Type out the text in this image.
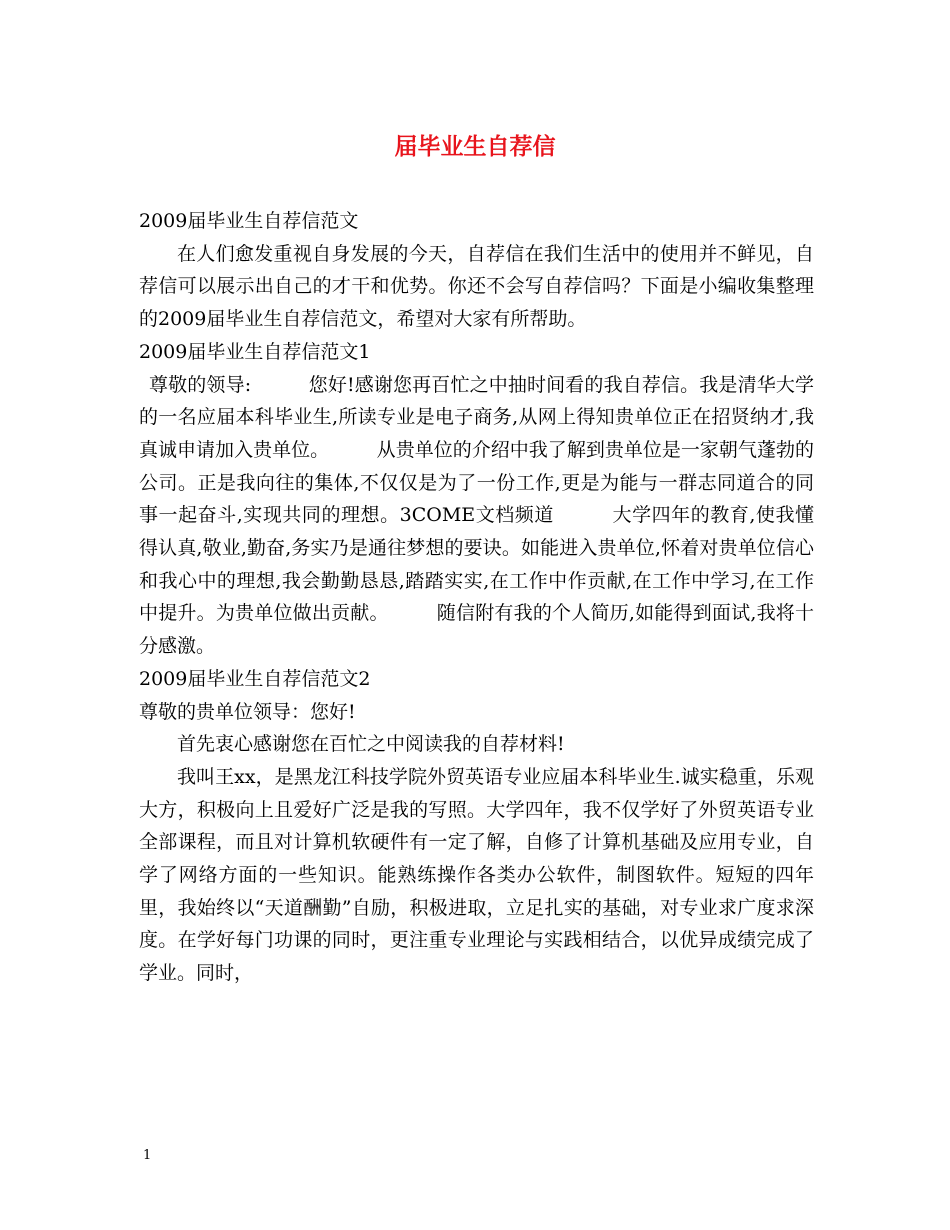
届毕业生自荐信

2009届毕业生自荐信范文

在人们愈发重视自身发展的今天，自荐信在我们生活中的使用并不鲜见，自荐信可以展示出自己的才干和优势。你还不会写自荐信吗？下面是小编收集整理的2009届毕业生自荐信范文，希望对大家有所帮助。

2009届毕业生自荐信范文1

尊敬的领导:　　　您好!感谢您再百忙之中抽时间看的我自荐信。我是清华大学的一名应届本科毕业生,所读专业是电子商务,从网上得知贵单位正在招贤纳才,我真诚申请加入贵单位。　　　从贵单位的介绍中我了解到贵单位是一家朝气蓬勃的公司。正是我向往的集体,不仅仅是为了一份工作,更是为能与一群志同道合的同事一起奋斗,实现共同的理想。3COME文档频道　　　大学四年的教育,使我懂得认真,敬业,勤奋,务实乃是通往梦想的要诀。如能进入贵单位,怀着对贵单位信心和我心中的理想,我会勤勤恳恳,踏踏实实,在工作中作贡献,在工作中学习,在工作中提升。为贵单位做出贡献。　　　随信附有我的个人简历,如能得到面试,我将十分感激。

2009届毕业生自荐信范文2

尊敬的贵单位领导：您好!

首先衷心感谢您在百忙之中阅读我的自荐材料!

我叫王xx，是黑龙江科技学院外贸英语专业应届本科毕业生.诚实稳重，乐观大方，积极向上且爱好广泛是我的写照。大学四年，我不仅学好了外贸英语专业全部课程，而且对计算机软硬件有一定了解，自修了计算机基础及应用专业，自学了网络方面的一些知识。能熟练操作各类办公软件，制图软件。短短的四年里，我始终以“天道酬勤”自励，积极进取，立足扎实的基础，对专业求广度求深度。在学好每门功课的同时，更注重专业理论与实践相结合，以优异成绩完成了学业。同时，

1
